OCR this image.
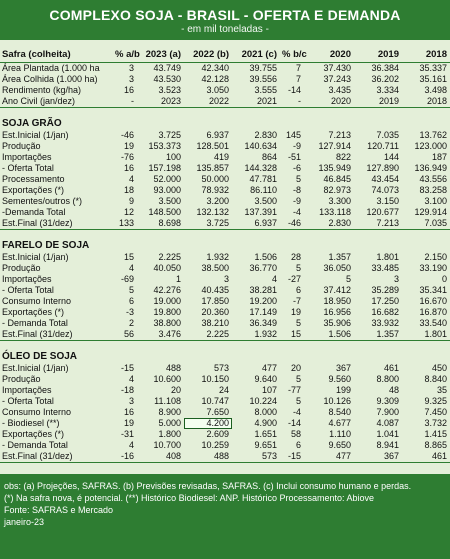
COMPLEXO SOJA - BRASIL - OFERTA E DEMANDA
- em mil toneladas -
Safra (colheita)	% a/b	2023 (a)	2022 (b)	2021 (c)	% b/c	2020	2019	2018
Área Plantada (1.000 ha	3	43.749	42.340	39.755	7	37.430	36.384	35.337
Área Colhida (1.000 ha)	3	43.530	42.128	39.556	7	37.243	36.202	35.161
Rendimento (kg/ha)	16	3.523	3.050	3.555	-14	3.435	3.334	3.498
Ano Civil (jan/dez)	-	2023	2022	2021	-	2020	2019	2018

SOJA GRÃO								
Est.Inicial (1/jan)	-46	3.725	6.937	2.830	145	7.213	7.035	13.762
Produção	19	153.373	128.501	140.634	-9	127.914	120.711	123.000
Importações	-76	100	419	864	-51	822	144	187
- Oferta Total	16	157.198	135.857	144.328	-6	135.949	127.890	136.949
Processamento	4	52.000	50.000	47.781	5	46.845	43.454	43.556
Exportações (*)	18	93.000	78.932	86.110	-8	82.973	74.073	83.258
Sementes/outros (*)	9	3.500	3.200	3.500	-9	3.300	3.150	3.100
-Demanda Total	12	148.500	132.132	137.391	-4	133.118	120.677	129.914
Est.Final (31/dez)	133	8.698	3.725	6.937	-46	2.830	7.213	7.035

FARELO DE SOJA								
Est.Inicial (1/jan)	15	2.225	1.932	1.506	28	1.357	1.801	2.150
Produção	4	40.050	38.500	36.770	5	36.050	33.485	33.190
Importações	-69	1	3	4	-27	5	3	0
- Oferta Total	5	42.276	40.435	38.281	6	37.412	35.289	35.341
Consumo Interno	6	19.000	17.850	19.200	-7	18.950	17.250	16.670
Exportações (*)	-3	19.800	20.360	17.149	19	16.956	16.682	16.870
- Demanda Total	2	38.800	38.210	36.349	5	35.906	33.932	33.540
Est.Final (31/dez)	56	3.476	2.225	1.932	15	1.506	1.357	1.801

ÓLEO DE SOJA								
Est.Inicial (1/jan)	-15	488	573	477	20	367	461	450
Produção	4	10.600	10.150	9.640	5	9.560	8.800	8.840
Importações	-18	20	24	107	-77	199	48	35
- Oferta Total	3	11.108	10.747	10.224	5	10.126	9.309	9.325
Consumo Interno	16	8.900	7.650	8.000	-4	8.540	7.900	7.450
- Biodiesel (**)	19	5.000	4.200	4.900	-14	4.677	4.087	3.732
Exportações (*)	-31	1.800	2.609	1.651	58	1.110	1.041	1.415
- Demanda Total	4	10.700	10.259	9.651	6	9.650	8.941	8.865
Est.Final (31/dez)	-16	408	488	573	-15	477	367	461
obs: (a) Projeções, SAFRAS. (b) Previsões revisadas, SAFRAS. (c) Inclui consumo humano e perdas.
(*) Na safra nova, é potencial. (**) Histórico Biodiesel: ANP. Histórico Processamento: Abiove
Fonte: SAFRAS e Mercado
janeiro-23
